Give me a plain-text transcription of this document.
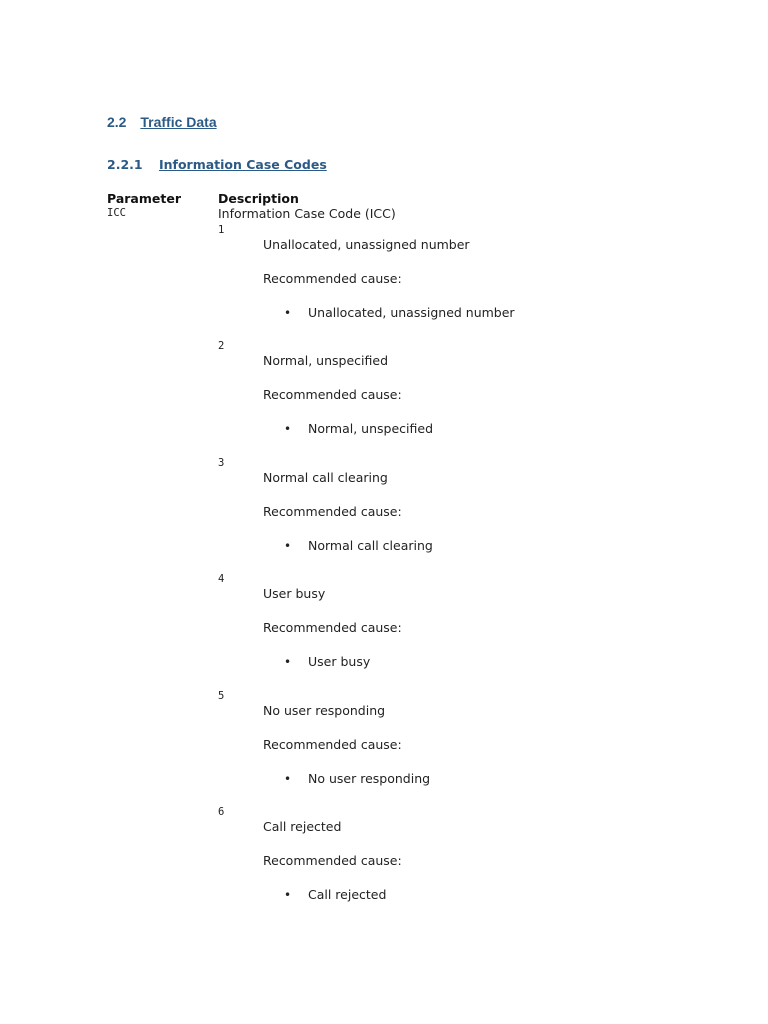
2.2 Traffic Data
2.2.1 Information Case Codes
Parameter	Description
ICC	Information Case Code (ICC)
1
Unallocated, unassigned number
Recommended cause:
• Unallocated, unassigned number
2
Normal, unspecified
Recommended cause:
• Normal, unspecified
3
Normal call clearing
Recommended cause:
• Normal call clearing
4
User busy
Recommended cause:
• User busy
5
No user responding
Recommended cause:
• No user responding
6
Call rejected
Recommended cause:
• Call rejected
